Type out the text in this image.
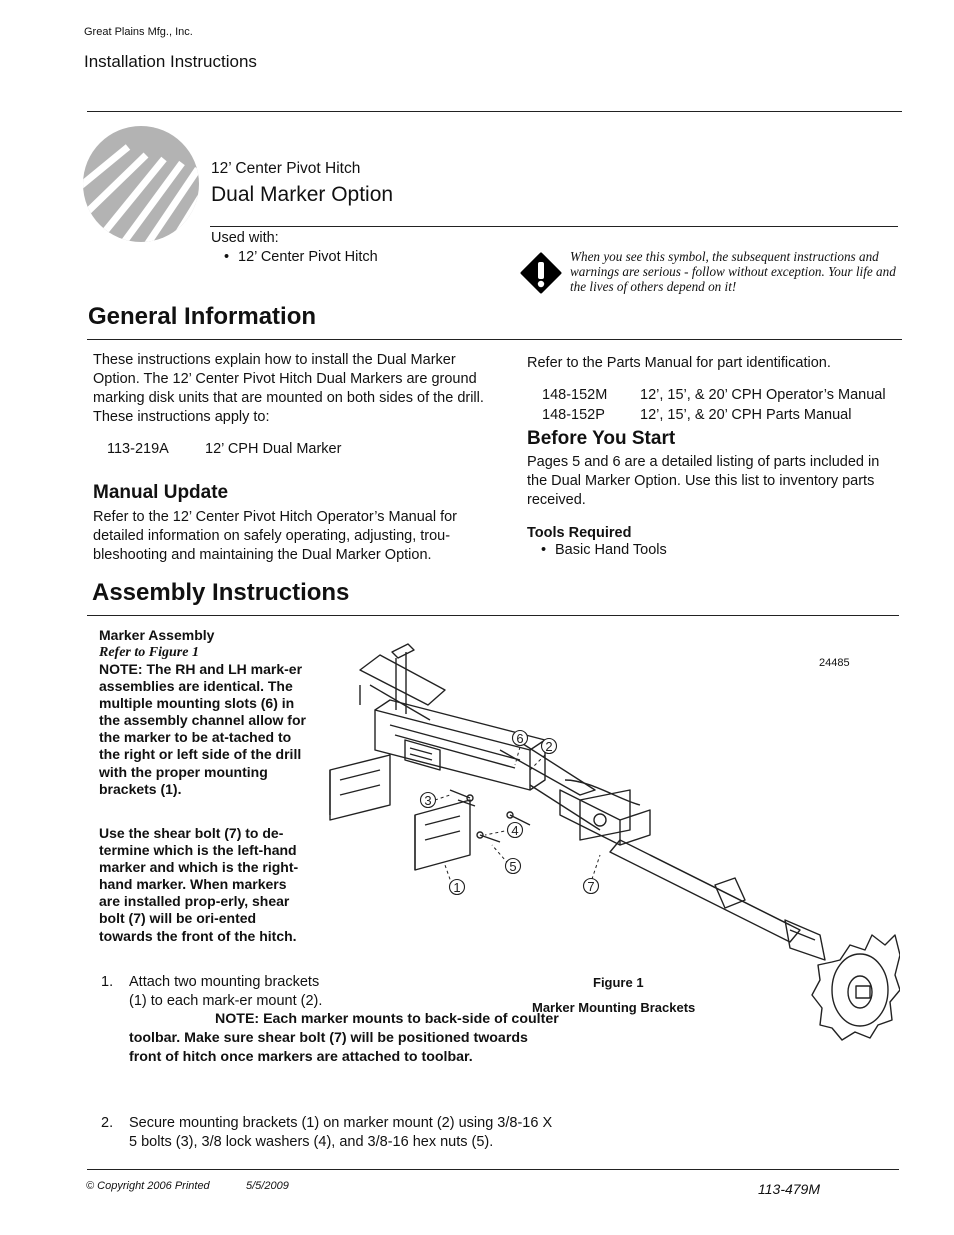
Great Plains Mfg., Inc.
Installation Instructions
12’ Center Pivot Hitch
Dual Marker Option
Used with:
• 12’ Center Pivot Hitch	When you see this symbol, the subsequent instructions and warnings are serious - follow without exception. Your life and the lives of others depend on it!
General Information
These instructions explain how to install the Dual Marker Option. The 12’ Center Pivot Hitch Dual Markers are ground marking disk units that are mounted on both sides of the drill. These instructions apply to:
113-219A 12’ CPH Dual Marker
Manual Update
Refer to the 12’ Center Pivot Hitch Operator’s Manual for detailed information on safely operating, adjusting, trou-bleshooting and maintaining the Dual Marker Option.
Refer to the Parts Manual for part identification.
148-152M 12’, 15’, & 20’ CPH Operator’s Manual
148-152P 12’, 15’, & 20’ CPH Parts Manual
Before You Start
Pages 5 and 6 are a detailed listing of parts included in the Dual Marker Option. Use this list to inventory parts received.
Tools Required
• Basic Hand Tools
Assembly Instructions
Marker Assembly
Refer to Figure 1
NOTE: The RH and LH mark-er assemblies are identical. The multiple mounting slots (6) in the assembly channel allow for the marker to be at-tached to the right or left side of the drill with the proper mounting brackets (1).
Use the shear bolt (7) to de-termine which is the left-hand marker and which is the right-hand marker. When markers are installed prop-erly, shear bolt (7) will be ori-ented towards the front of the hitch.
1. Attach two mounting brackets (1) to each mark-er mount (2).
NOTE: Each marker mounts to back-side of coulter toolbar. Make sure shear bolt (7) will be positioned twoards front of hitch once markers are attached to toolbar.
2. Secure mounting brackets (1) on marker mount (2) using 3/8-16 X 5 bolts (3), 3/8 lock washers (4), and 3/8-16 hex nuts (5).
24485
6
2
3
4
5
1	7
Figure 1
Marker Mounting Brackets
© Copyright 2006 Printed	5/5/2009	113-479M
